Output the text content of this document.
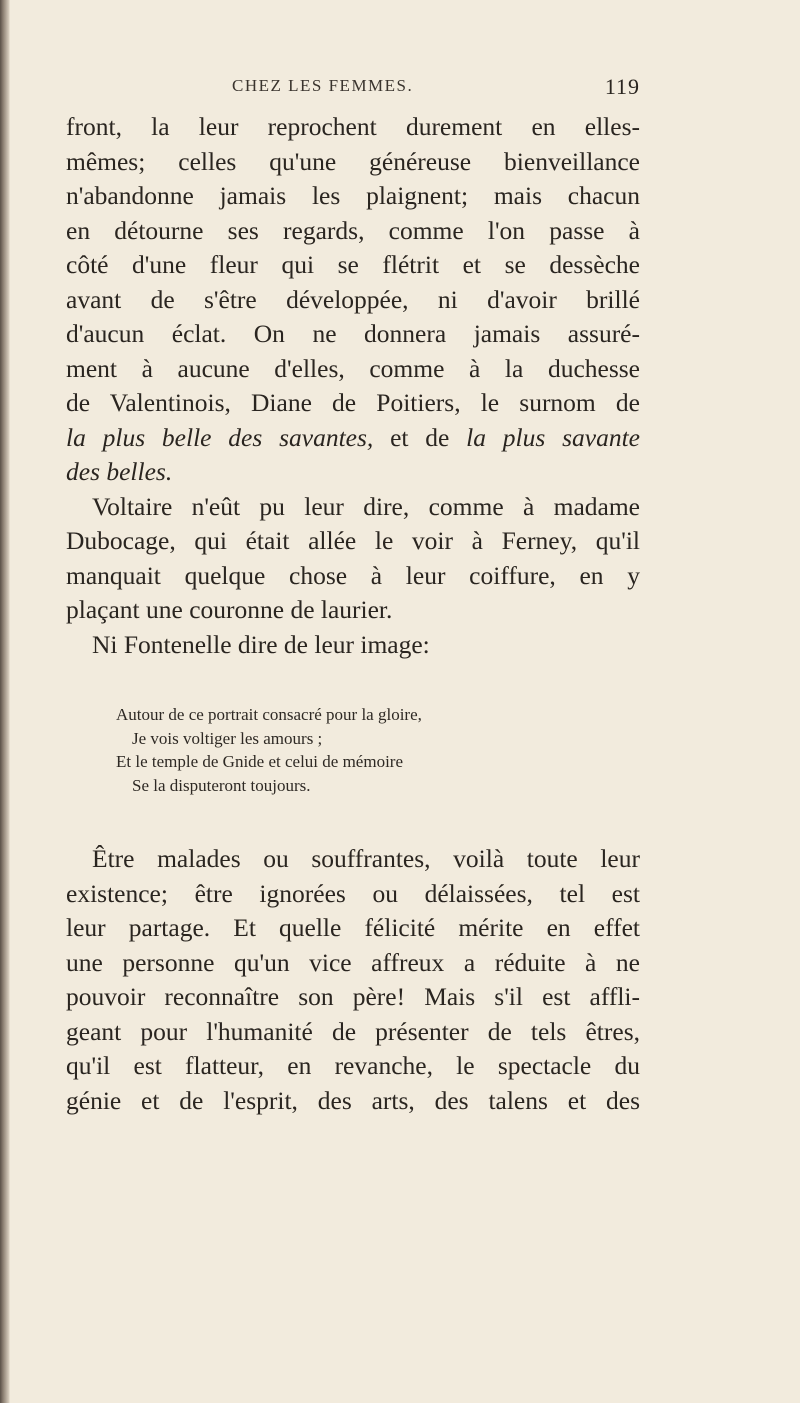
CHEZ LES FEMMES.	119
front, la leur reprochent durement en elles-
mêmes; celles qu'une généreuse bienveillance
n'abandonne jamais les plaignent; mais chacun
en détourne ses regards, comme l'on passe à
côté d'une fleur qui se flétrit et se dessèche
avant de s'être développée, ni d'avoir brillé
d'aucun éclat. On ne donnera jamais assuré-
ment à aucune d'elles, comme à la duchesse
de Valentinois, Diane de Poitiers, le surnom de
la plus belle des savantes, et de la plus savante
des belles.
Voltaire n'eût pu leur dire, comme à madame
Dubocage, qui était allée le voir à Ferney, qu'il
manquait quelque chose à leur coiffure, en y
plaçant une couronne de laurier.
Ni Fontenelle dire de leur image:
Autour de ce portrait consacré pour la gloire,
Je vois voltiger les amours ;
Et le temple de Gnide et celui de mémoire
Se la disputeront toujours.
Être malades ou souffrantes, voilà toute leur
existence; être ignorées ou délaissées, tel est
leur partage. Et quelle félicité mérite en effet
une personne qu'un vice affreux a réduite à ne
pouvoir reconnaître son père! Mais s'il est affli-
geant pour l'humanité de présenter de tels êtres,
qu'il est flatteur, en revanche, le spectacle du
génie et de l'esprit, des arts, des talens et des
